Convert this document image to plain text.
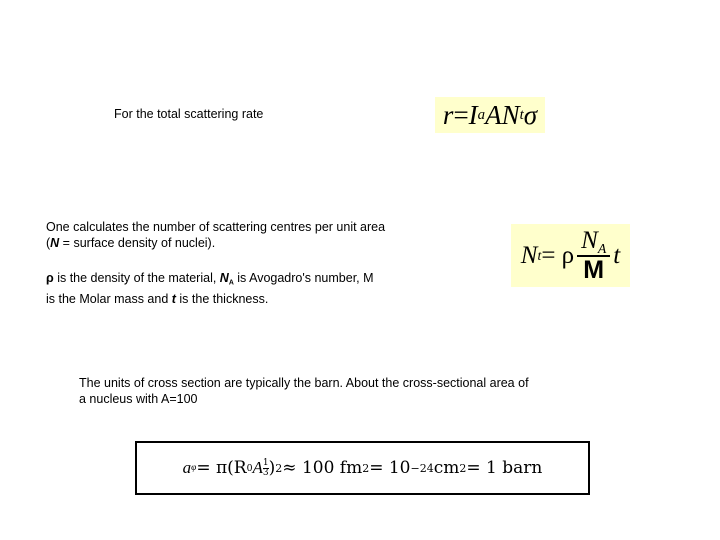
For the total scattering rate	r = I a A N t σ
One calculates the number of scattering centres per unit area
(N = surface density of nuclei).
ρ is the density of the material, $N_A$ is Avogadro's number, M
is the Molar mass and t is the thickness.
N t = ρ $\frac{N_A}{M}$ t
The units of cross section are typically the barn. About the cross-sectional area of
a nucleus with A=100
a φ = π(R 0 A $\frac{1}{3}$ ) 2 ≈ 100 fm 2 = 10 −24 cm 2 = 1 barn
